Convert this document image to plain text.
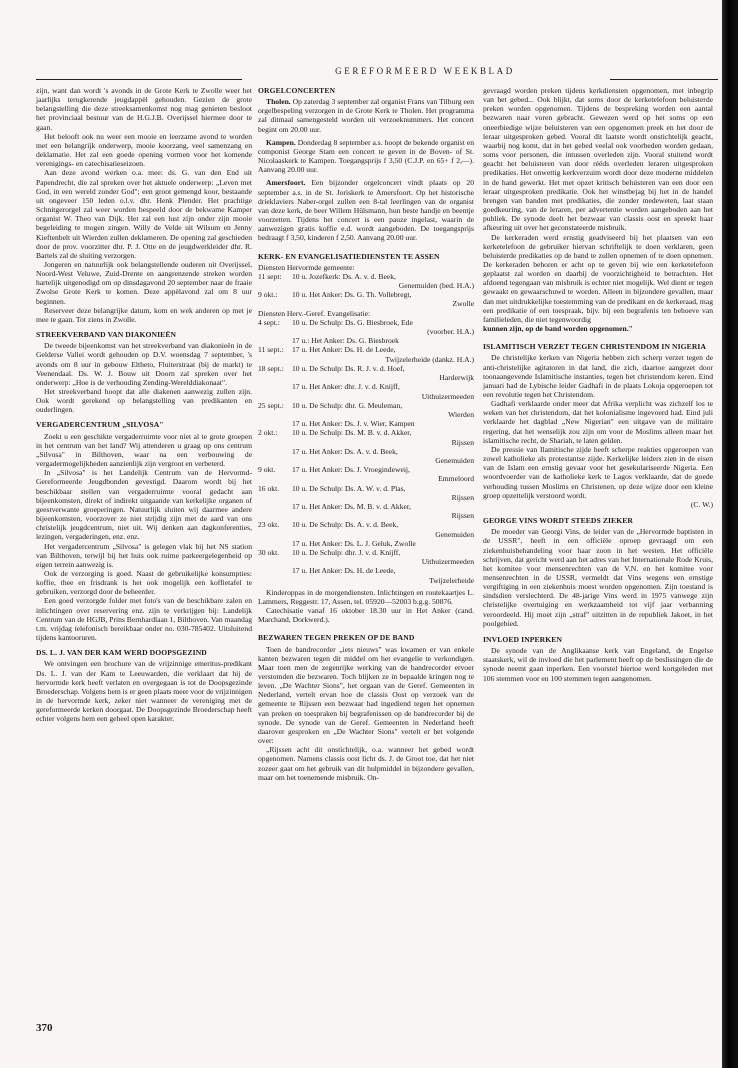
GEREFORMEERD WEEKBLAD

zijn, want dan wordt 's avonds in de Grote Kerk te Zwolle weer het jaarlijks terugkerende jeugdappèl gehouden. Gezien de grote belangstelling die deze streeksamenkomst nog mag genieten besloot het provinciaal bestuur van de H.G.J.B. Overijssel hiermee door te gaan.

Het belooft ook nu weer een mooie en leerzame avond te worden met een belangrijk onderwerp, mooie koorzang, veel samenzang en deklamatie. Het zal een goede opening vormen voor het komende verenigings- en catechisatieseizoen.

Aan deze avond werken o.a. mee: ds. G. van den End uit Papendrecht, die zal spreken over het aktuele onderwerp: „Leven met God, in een wereld zonder God"; een groot gemengd koor, bestaande uit ongeveer 150 leden o.l.v. dhr. Henk Plender. Het prachtige Schnitgerorgel zal weer worden bespeeld door de bekwame Kamper organist W. Theo van Dijk. Het zal een lust zijn onder zijn mooie begeleiding te mogen zingen. Willy de Velde uit Wilsum en Jenny Kieftenbelt uit Wierden zullen deklameren. De opening zal geschieden door de prov. voorzitter dhr. P. J. Otte en de jeugdwerkleider dhr. R. Bartels zal de sluiting verzorgen.

Jongeren en natuurlijk ook belangstellende ouderen uit Overijssel, Noord-West Veluwe, Zuid-Drente en aangrenzende streken worden hartelijk uitgenodigd om op dinsdagavond 20 september naar de fraaie Zwolse Grote Kerk te komen. Deze appèlavond zal om 8 uur beginnen.

Reserveer deze belangrijke datum, kom en wek anderen op met je mee te gaan. Tot ziens in Zwolle.

STREEKVERBAND VAN DIAKONIEËN

De tweede bijeenkomst van het streekverband van diakonieën in de Gelderse Vallei wordt gehouden op D.V. woensdag 7 september, 's avonds om 8 uur in gebouw Eltheto, Fluiterstraat (bij de markt) te Veenendaal. Ds. W. J. Bouw uit Doorn zal spreken over het onderwerp: „Hoe is de verhouding Zending-Werelddiakonaat".

Het streekverband hoopt dat alle diakenen aanwezig zullen zijn. Ook wordt gerekend op belangstelling van predikanten en ouderlingen.

VERGADERCENTRUM „SILVOSA"

Zoekt u een geschikte vergaderruimte voor niet al te grote groepen in het centrum van het land? Wij attenderen u graag op ons centrum „Silvosa" in Bilthoven, waar na een verbouwing de vergadermogelijkheden aanzienlijk zijn vergroot en verbeterd.

In „Silvosa" is het Landelijk Centrum van de Hervormd-Gereformeerde Jeugdbonden gevestigd. Daarom wordt bij het beschikbaar stellen van vergaderruimte vooral gedacht aan bijeenkomsten, direkt of indirekt uitgaande van kerkelijke organen of geestverwante groeperingen. Natuurlijk sluiten wij daarmee andere bijeenkomsten, voorzover ze niet strijdig zijn met de aard van ons christelijk jeugdcentrum, niet uit. Wij denken aan dagkonferenties, lezingen, vergaderingen, enz. enz.

Het vergadercentrum „Silvosa" is gelegen vlak bij het NS station van Bilthoven, terwijl bij het huis ook ruime parkeergelegenheid op eigen terrein aanwezig is.

Ook de verzorging is goed. Naast de gebruikelijke konsumpties: koffie, thee en frisdrank is het ook mogelijk een koffietafel te gebruiken, verzorgd door de beheerder.

Een goed verzorgde folder met foto's van de beschikbare zalen en inlichtingen over reservering enz. zijn te verkrijgen bij: Landelijk Centrum van de HGJB, Prins Bernhardlaan 1, Bilthoven. Van maandag t.m. vrijdag telefonisch bereikbaar onder no. 030-785402. Uitsluitend tijdens kantooruren.

DS. L. J. VAN DER KAM WERD DOOPSGEZIND

We ontvingen een brochure van de vrijzinnige emeritus-predikant Ds. L. J. van der Kam te Leeuwarden, die verklaart dat hij de hervormde kerk heeft verlaten en overgegaan is tot de Doopsgezinde Broederschap. Volgens hem is er geen plaats meer voor de vrijzinnigen in de hervormde kerk, zeker niet wanneer de vereniging met de gereformeerde kerken doorgaat. De Doopsgezinde Broederschap heeft echter volgens hem een geheel open karakter.

ORGELCONCERTEN

Tholen. Op zaterdag 3 september zal organist Frans van Tilburg een orgelbespeling verzorgen in de Grote Kerk te Tholen. Het programma zal ditmaal samengesteld worden uit verzoeknummers. Het concert begint om 20.00 uur.

Kampen. Donderdag 8 september a.s. hoopt de bekende organist en componist George Stam een concert te geven in de Boven- of St. Nicolaaskerk te Kampen. Toegangsprijs f 3,50 (C.J.P. en 65+ f 2,—). Aanvang 20.00 uur.

Amersfoort. Een bijzonder orgelconcert vindt plaats op 20 september a.s. in de St. Joriskerk te Amersfoort. Op het historische drieklaviers Naber-orgel zullen een 8-tal leerlingen van de organist van deze kerk, de heer Willem Hülsmann, hun beste handje en beentje voorzetten. Tijdens het concert is een pauze ingelast, waarin de aanwezigen gratis koffie e.d. wordt aangeboden. De toegangsprijs bedraagt f 3,50, kinderen f 2,50. Aanvang 20.00 uur.

KERK- EN EVANGELISATIEDIENSTEN TE ASSEN
Diensten Hervormde gemeente:
11 sept:	10 u. Jozefkerk: Ds. A. v. d. Beek,
Genemuiden (bed. H.A.)
9 okt.:	10 u. Het Anker: Ds. G. Th. Vollebregt,
Zwolle
Diensten Herv.-Geref. Evangelisatie:
4 sept.:	10 u. De Schulp: Ds. G. Biesbroek, Ede
(voorber. H.A.)
17 u.: Het Anker: Ds. G. Biesbroek
11 sept.:	17 u. Het Anker: Ds. H. de Leede,
Twijzelerheide (dankz. H.A.)
18 sept.:	10 u. De Schulp: Ds. R. J. v. d. Hoef,
Harderwijk
17 u. Het Anker: dhr. J. v. d. Knijff,
Uithuizermeeden
25 sept.:	10 u. De Schulp: dhr. G. Meuleman,
Wierden
17 u. Het Anker: Ds. J. v. Wier, Kampen
2 okt.:	10 u. De Schulp: Ds. M. B. v. d. Akker,
Rijssen
17 u. Het Anker: Ds. A. v. d. Beek,
Genemuiden
9 okt.	17 u. Het Anker: Ds. J. Vroegindeweij,
Emmeloord
16 okt.	10 u. De Schulp: Ds. A. W. v. d. Plas,
Rijssen
17 u. Het Anker: Ds. M. B. v. d. Akker,
Rijssen
23 okt.	10 u. De Schulp: Ds. A. v. d. Beek,
Genemuiden
17 u. Het Anker: Ds. L. J. Geluk, Zwolle
30 okt.	10 u. De Schulp: dhr. J. v. d. Knijff,
Uithuizermeeden
17 u. Het Anker: Ds. H. de Leede,
Twijzelerheide

Kinderoppas in de morgendiensten. Inlichtingen en routekaartjes L. Lammers, Reggestr. 17, Assen, tel. 05920—52003 b.g.g. 50876.

Catechisatie vanaf 16 oktober 18.30 uur in Het Anker (cand. Marchand, Dorkwerd.).

BEZWAREN TEGEN PREKEN OP DE BAND

Toen de bandrecorder „iets nieuws" was kwamen er van enkele kanten bezwaren tegen dit middel om het evangelie te verkondigen. Maar toen men de zegenrijke werking van de bandrecorder ervoer verstomden die bezwaren. Toch blijken ze in bepaalde kringen nog te leven. „De Wachter Sions", het orgaan van de Geref. Gemeenten in Nederland, vertelt ervan hoe de classis Oost op verzoek van de gemeente te Rijssen een bezwaar had ingediend tegen het opnemen van preken en toespraken bij begrafenissen op de bandrecorder bij de synode. De synode van de Geref. Gemeenten in Nederland heeft daarover gesproken en „De Wachter Sions" vertelt er het volgende over:

„Rijssen acht dit onstichtelijk, o.a. wanneer het gebed wordt opgenomen. Namens classis oost licht ds. J. de Groot toe, dat het niet zozeer gaat om het gebruik van dit hulpmiddel in bijzondere gevallen, maar om het toenemende misbruik. On-

gevraagd worden preken tijdens kerkdiensten opgenomen, met inbegrip van het gebed... Ook blijkt, dat soms door de kerketelefoon beluisterde preken worden opgenomen. Tijdens de bespreking worden een aantal bezwaren naar voren gebracht. Gewezen werd op het soms op een oneerbiedige wijze beluisteren van een opgenomen preek en het door de leraar uitgesproken gebed. Vooral dit laatste wordt onstichtelijk geacht, waarbij nog komt, dat in het gebed veelal ook voorbeden worden gedaan, soms voor personen, die intussen overleden zijn. Vooral stuitend wordt geacht het beluisteren van door rééds overleden leraren uitgesproken predikaties. Het onwettig kerkverzuim wordt door deze moderne middelen in de hand gewerkt. Het met opzet kritisch beluisteren van een door een leraar uitgesproken predikatie. Ook het winstbejag bij het in de handel brengen van banden met predikaties, die zonder medeweten, laat staan goedkeuring, van de leraren, per advertentie worden aangeboden aan het publiek. De synode deelt het bezwaar van classis oost en spreekt haar afkeuring uit over het geconstateerde misbruik.

De kerkeraden werd ernstig geadviseerd bij het plaatsen van een kerketelefoon de gebruiker hiervan schriftelijk te doen verklaren, geen beluisterde predikaties op de band te zullen opnemen of te doen opnemen. De kerkeraden behoren er acht op te geven bij wie een kerketelefoon geplaatst zal worden en daarbij de voorzichtigheid te betrachten. Het afdoend tegengaan van misbruik is echter niet mogelijk. Wel dient er tegen gewaakt en gewaarschuwd te worden. Alleen in bijzondere gevallen, maar dan met uitdrukkelijke toestemming van de predikant en de kerkeraad, mag een predikatie of een toespraak, bijv. bij een begrafenis ten behoeve van familieleden, die niet tegenwoordig

kunnen zijn, op de band worden opgenomen."

ISLAMITISCH VERZET TEGEN CHRISTENDOM IN NIGERIA

De christelijke kerken van Nigeria hebben zich scherp verzet tegen de anti-christelijke agitatoren in dat land, die zich, daartoe aangezet door toonaangevende Islamitische instanties, tegen het christendom keren. Eind januari had de Lybische leider Gadhafi in de plaats Lokoja opgeroepen tot een revolutie tegen het Christendom.

Gadhafi verklaarde onder meer dat Afrika verplicht was zichzelf los te weken van het christendom, dat het kolonialisme ingevoerd had. Eind juli verklaarde het dagblad „New Nigerian" een uitgave van de militaire regering, dat het wenselijk zou zijn om voor de Moslims alleen maar het islamitische recht, de Shariah, te laten gelden.

De pressie van Ilamitische zijde heeft scherpe reakties opgeroepen van zowel katholieke als protestantse zijde. Kerkelijke leiders zien in de eisen van de Islam een ernstig gevaar voor het gesekulariseerde Nigeria. Een woordvoerder van de katholieke kerk te Lagos verklaarde, dat de goede verhouding tussen Moslims en Christenen, op deze wijze door een kleine groep opzettelijk verstoord wordt.

(C. W.)
GEORGE VINS WORDT STEEDS ZIEKER

De moeder van Georgi Vins, de leider van de „Hervormde baptisten in de USSR", heeft in een officiële oproep gevraagd om een ziekenhuisbehandeling voor haar zoon in het westen. Het officiële schrijven, dat gericht werd aan het adres van het Internationale Rode Kruis, het komitee voor mensenrechten van de V.N. en het komitee voor mensenrechten in de USSR, vermeldt dat Vins wegens een ernstige vergiftiging in een ziekenhuis moest worden opgenomen. Zijn toestand is sindsdien verslechterd. De 48-jarige Vins werd in 1975 vanwege zijn christelijke overtuiging en werkzaamheid tot vijf jaar verbanning veroordeeld. Hij moet zijn „straf" uitzitten in de republiek Jakoet, in het poolgebied.

INVLOED INPERKEN

De synode van de Anglikaanse kerk van Engeland, de Engelse staatskerk, wil de invloed die het parlement heeft op de beslissingen die de synode neemt gaan inperken. Een voorstel hiertoe werd kortgeleden met 106 stemmen voor en 100 stemmen tegen aangenomen.

370
